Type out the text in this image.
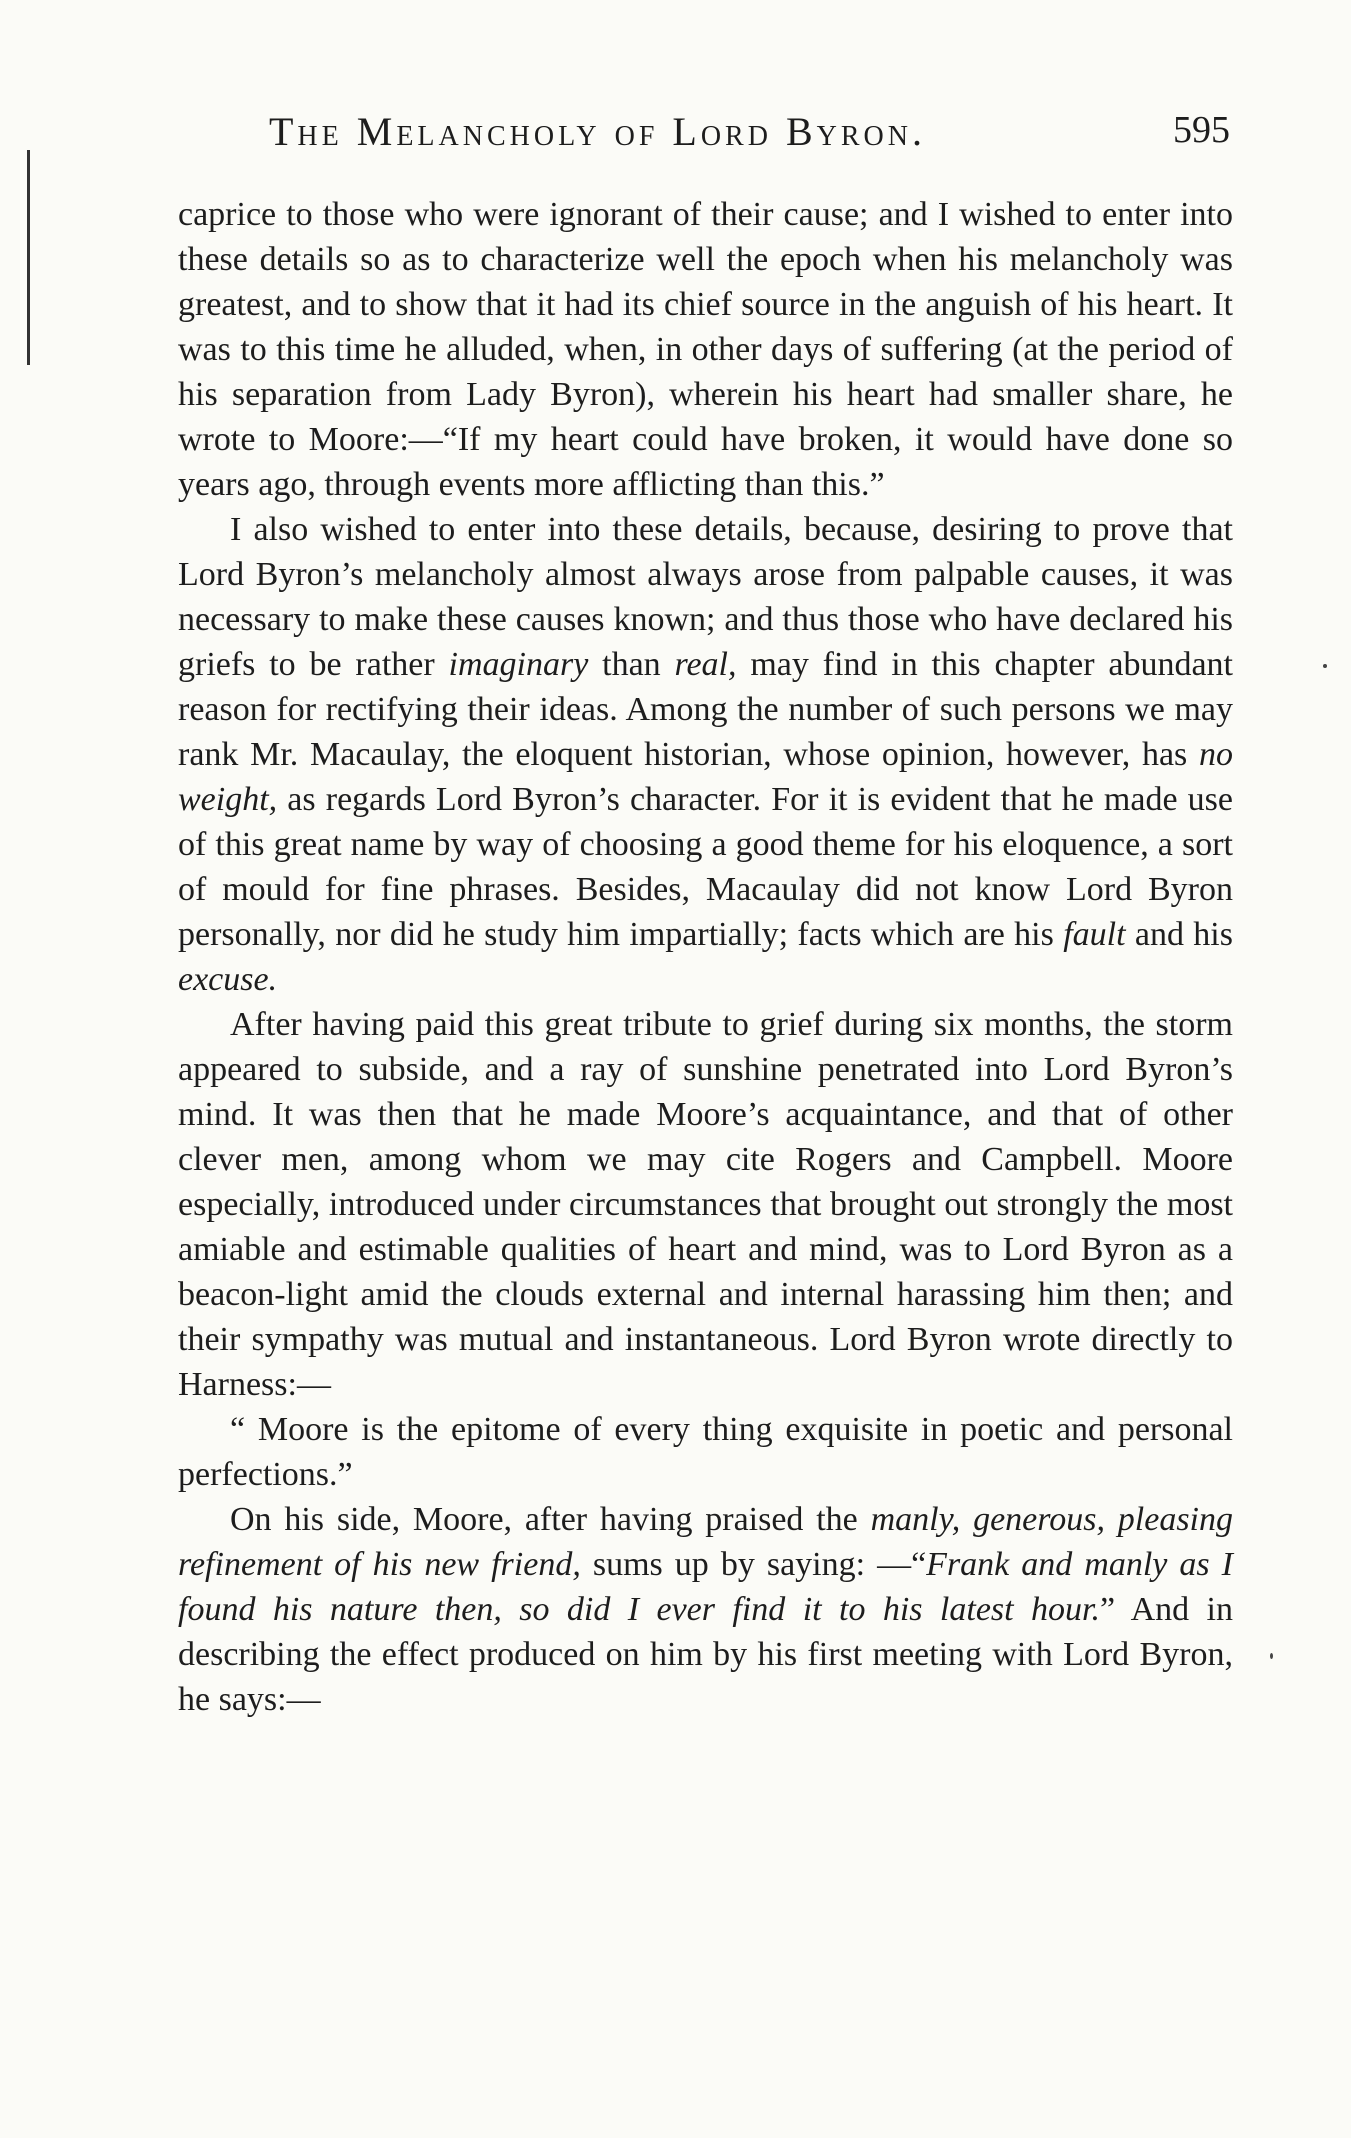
The Melancholy of Lord Byron.	595

caprice to those who were ignorant of their cause; and I wished to enter into these details so as to characterize well the epoch when his melancholy was greatest, and to show that it had its chief source in the anguish of his heart. It was to this time he alluded, when, in other days of suffering (at the period of his separation from Lady Byron), wherein his heart had smaller share, he wrote to Moore:—“If my heart could have broken, it would have done so years ago, through events more afflicting than this.”

I also wished to enter into these details, because, desiring to prove that Lord Byron’s melancholy almost always arose from palpable causes, it was necessary to make these causes known; and thus those who have declared his griefs to be rather imaginary than real, may find in this chapter abundant reason for rectifying their ideas. Among the number of such persons we may rank Mr. Macaulay, the eloquent historian, whose opinion, however, has no weight, as regards Lord Byron’s character. For it is evident that he made use of this great name by way of choosing a good theme for his eloquence, a sort of mould for fine phrases. Besides, Macaulay did not know Lord Byron personally, nor did he study him impartially; facts which are his fault and his excuse.

After having paid this great tribute to grief during six months, the storm appeared to subside, and a ray of sunshine penetrated into Lord Byron’s mind. It was then that he made Moore’s acquaintance, and that of other clever men, among whom we may cite Rogers and Campbell. Moore especially, introduced under circumstances that brought out strongly the most amiable and estimable qualities of heart and mind, was to Lord Byron as a beacon-light amid the clouds external and internal harassing him then; and their sympathy was mutual and instantaneous. Lord Byron wrote directly to Harness:—

“ Moore is the epitome of every thing exquisite in poetic and personal perfections.”

On his side, Moore, after having praised the manly, generous, pleasing refinement of his new friend, sums up by saying: —“Frank and manly as I found his nature then, so did I ever find it to his latest hour.” And in describing the effect produced on him by his first meeting with Lord Byron, he says:—
